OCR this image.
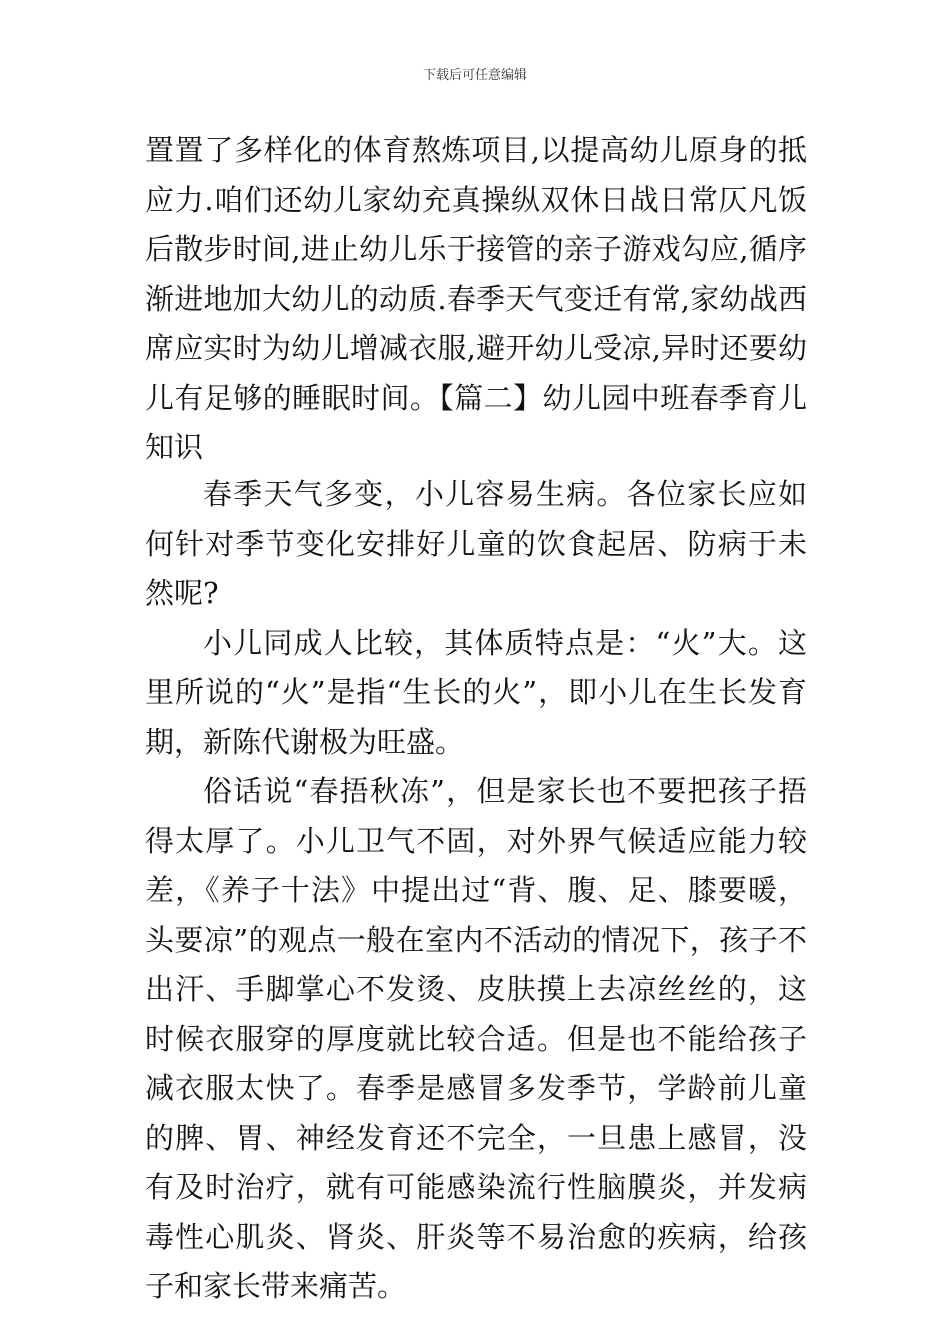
下载后可任意编辑

置置了多样化的体育熬炼项目,以提高幼儿原身的抵应力.咱们还幼儿家幼充真操纵双休日战日常仄凡饭后散步时间,进止幼儿乐于接管的亲子游戏勾应,循序渐进地加大幼儿的动质.春季天气变迁有常,家幼战西席应实时为幼儿增减衣服,避开幼儿受凉,异时还要幼儿有足够的睡眠时间。【篇二】幼儿园中班春季育儿知识

春季天气多变，小儿容易生病。各位家长应如何针对季节变化安排好儿童的饮食起居、防病于未然呢?

小儿同成人比较，其体质特点是：“火”大。这里所说的“火”是指“生长的火”，即小儿在生长发育期，新陈代谢极为旺盛。

俗话说“春捂秋冻”，但是家长也不要把孩子捂得太厚了。小儿卫气不固，对外界气候适应能力较差，《养子十法》中提出过“背、腹、足、膝要暖，头要凉”的观点一般在室内不活动的情况下，孩子不出汗、手脚掌心不发烫、皮肤摸上去凉丝丝的，这时候衣服穿的厚度就比较合适。但是也不能给孩子减衣服太快了。春季是感冒多发季节，学龄前儿童的脾、胃、神经发育还不完全，一旦患上感冒，没有及时治疗，就有可能感染流行性脑膜炎，并发病毒性心肌炎、肾炎、肝炎等不易治愈的疾病，给孩子和家长带来痛苦。
